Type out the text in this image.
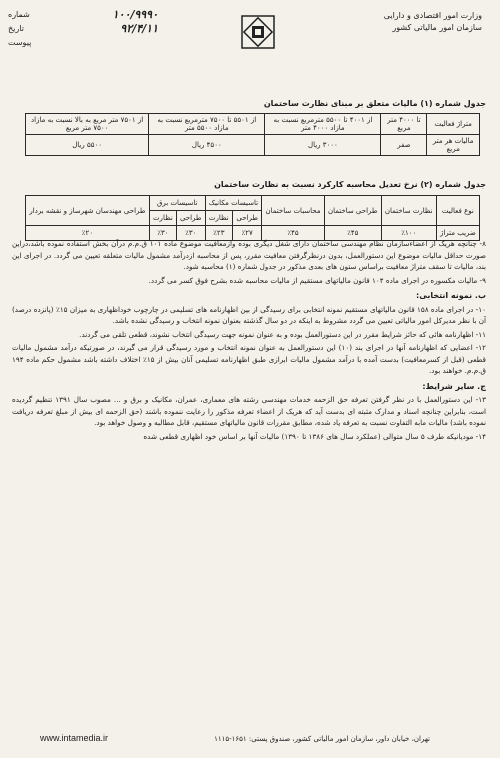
وزارت امور اقتصادی و دارایی
سازمان امور مالیاتی کشور
۱۰۰/۹۹۹۰
شماره
۹۲/۴/۱۱
تاریخ
پیوست
جدول شماره (۱) مالیات متعلق بر مبنای نظارت ساختمان
متراژ فعالیت	تا ۴۰۰۰ متر مربع	از ۴۰۰۱ تا ۵۵۰۰ مترمربع نسبت به مازاد ۴۰۰۰ متر	از ۵۵۰۱ تا ۷۵۰۰ مترمربع نسبت به مازاد ۵۵۰۰ متر	از ۷۵۰۱ متر مربع به بالا نسبت به مازاد ۷۵۰۰ متر مربع
مالیات هر متر مربع	صفر	۳۰۰۰ ریال	۴۵۰۰ ریال	۵۵۰۰ ریال
جدول شماره (۲) نرخ تعدیل محاسبه کارکرد نسبت به نظارت ساختمان
نوع فعالیت	نظارت ساختمان	طراحی ساختمان	محاسبات ساختمان	تاسیسات مکانیک		تاسیسات برق		طراحی مهندسان شهرساز و نقشه بردار
				طراحی	نظارت	طراحی	نظارت	
ضریب متراژ	٪۱۰۰	٪۴۵	٪۴۵	٪۲۷	٪۲۳	٪۳۰	٪۳۰	٪۲۰

۸- چنانچه هریک از اعضاءسازمان نظام مهندسی ساختمان دارای شغل دیگری بوده وازمعافیت موضوع ماده ۱۰۱ ق.م.م درآن بخش استفاده نموده باشد،دراین صورت حداقل مالیات موضوع این دستورالعمل، بدون درنظرگرفتن معافیت مقرر، پس از محاسبه ازدرآمد مشمول مالیات متعلقه تعیین می گردد. در اجرای این بند، مالیات تا سقف متراژ معافیت براساس ستون های بعدی مذکور در جدول شماره (۱) محاسبه شود.

۹- مالیات مکسوره در اجرای ماده ۱۰۴ قانون مالیاتهای مستقیم از مالیات محاسبه شده بشرح فوق کسر می گردد.

ب. نمونه انتخابی:

۱۰- در اجرای ماده ۱۵۸ قانون مالیاتهای مستقیم نمونه انتخابی برای رسیدگی از بین اظهارنامه های تسلیمی در چارچوب خوداظهاری به میزان ۱۵٪ (پانزده درصد) آن با نظر مدیرکل امور مالیاتی تعیین می گردد مشروط به اینکه در دو سال گذشته بعنوان نمونه انتخاب و رسیدگی نشده باشد.

۱۱- اظهارنامه هائی که حائز شرایط مقرر در این دستورالعمل بوده و به عنوان نمونه جهت رسیدگی انتخاب نشوند، قطعی تلقی می گردند.

۱۲- اعضایی که اظهارنامه آنها در اجرای بند (۱۰) این دستورالعمل به عنوان نمونه انتخاب و مورد رسیدگی قرار می گیرند، در صورتیکه درآمد مشمول مالیات قطعی (قبل از کسرمعافیت) بدست آمده با درآمد مشمول مالیات ابرازی طبق اظهارنامه تسلیمی آنان بیش از ۱۵٪ اختلاف داشته باشد مشمول حکم ماده ۱۹۴ ق.م.م. خواهند بود.

ج. سایر شرایط:

۱۳- این دستورالعمل با در نظر گرفتن تعرفه حق الزحمه خدمات مهندسی رشته های معماری، عمران، مکانیک و برق و ... مصوب سال ۱۳۹۱ تنظیم گردیده است، بنابراین چنانچه اسناد و مدارک مثبته ای بدست آید که هریک از اعضاء تعرفه مذکور را رعایت ننموده باشند (حق الزحمه ای بیش از مبلغ تعرفه دریافت نموده باشد) مالیات مابه التفاوت نسبت به تعرفه یاد شده، مطابق مقررات قانون مالیاتهای مستقیم، قابل مطالبه و وصول خواهد بود.

۱۴- مودیانیکه طرف ۵ سال متوالی (عملکرد سال های ۱۳۸۶ تا ۱۳۹۰) مالیات آنها بر اساس خود اظهاری قطعی شده

تهران، خیابان داور، سازمان امور مالیاتی کشور، صندوق پستی: ۱۶۵۱-۱۱۱۵
www.intamedia.ir
